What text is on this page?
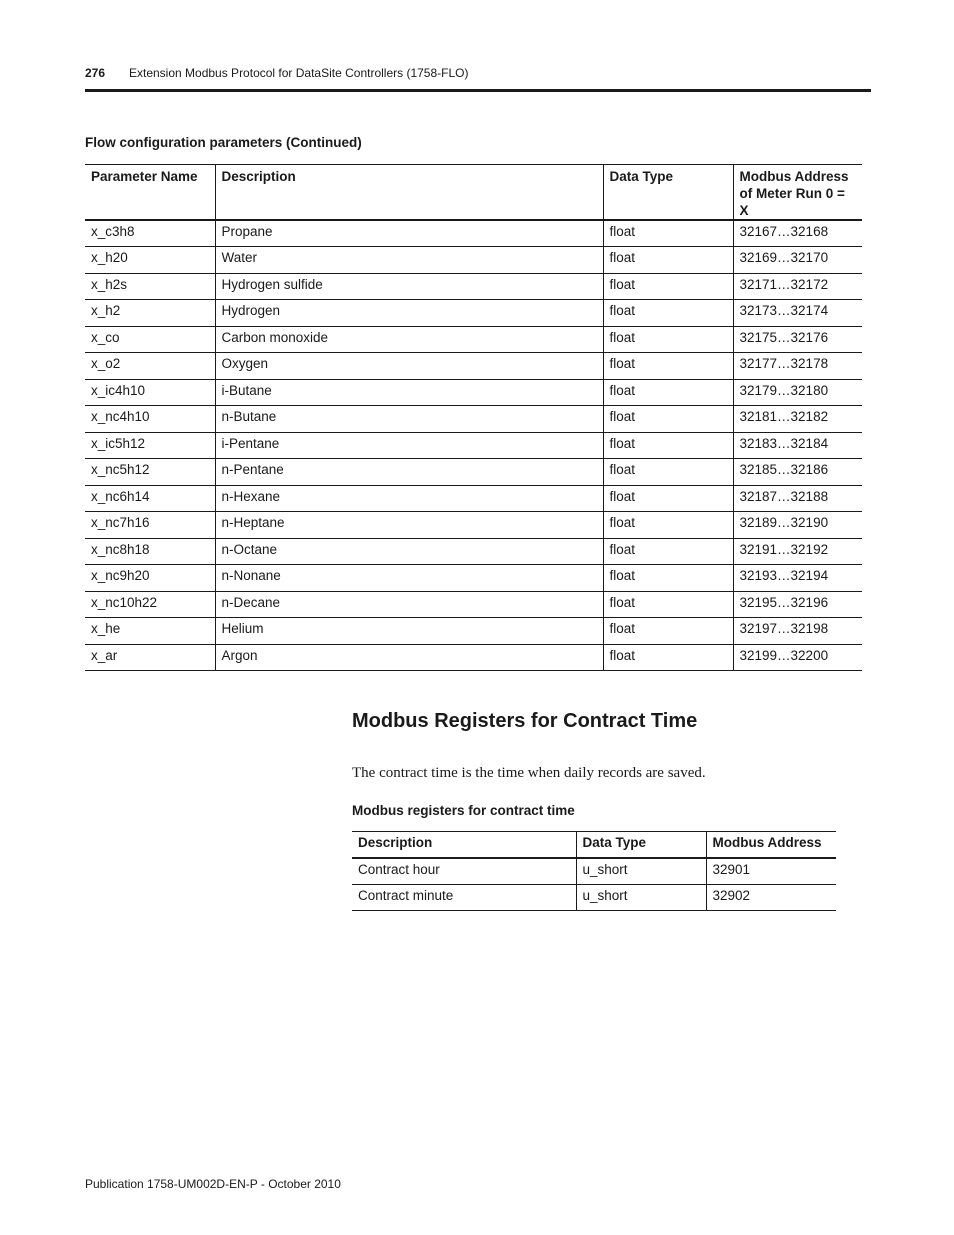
276 Extension Modbus Protocol for DataSite Controllers (1758-FLO)
Flow configuration parameters (Continued)
Parameter Name	Description	Data Type	Modbus Address
of Meter Run 0 = X
x_c3h8	Propane	float	32167…32168
x_h20	Water	float	32169…32170
x_h2s	Hydrogen sulfide	float	32171…32172
x_h2	Hydrogen	float	32173…32174
x_co	Carbon monoxide	float	32175…32176
x_o2	Oxygen	float	32177…32178
x_ic4h10	i-Butane	float	32179…32180
x_nc4h10	n-Butane	float	32181…32182
x_ic5h12	i-Pentane	float	32183…32184
x_nc5h12	n-Pentane	float	32185…32186
x_nc6h14	n-Hexane	float	32187…32188
x_nc7h16	n-Heptane	float	32189…32190
x_nc8h18	n-Octane	float	32191…32192
x_nc9h20	n-Nonane	float	32193…32194
x_nc10h22	n-Decane	float	32195…32196
x_he	Helium	float	32197…32198
x_ar	Argon	float	32199…32200
Modbus Registers for Contract Time
The contract time is the time when daily records are saved.
Modbus registers for contract time
Description	Data Type	Modbus Address
Contract hour	u_short	32901
Contract minute	u_short	32902
Publication 1758-UM002D-EN-P - October 2010
